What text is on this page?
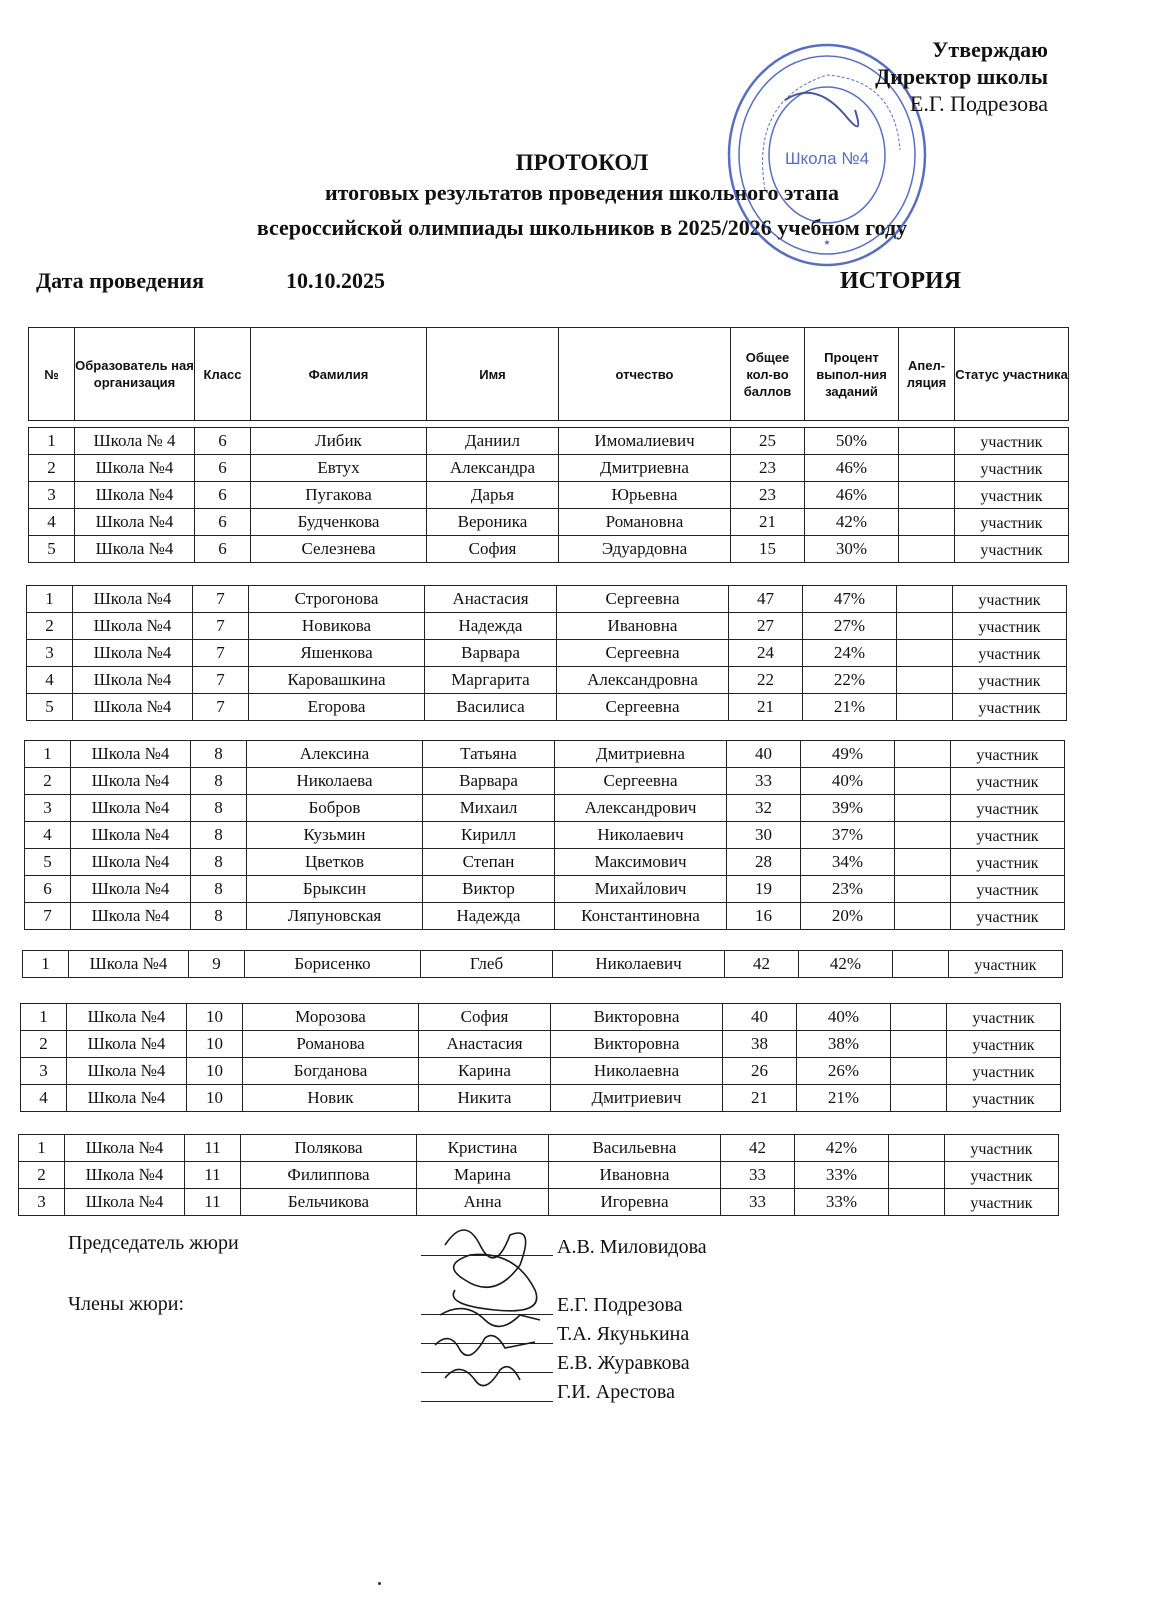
Утверждаю
Директор школы
Е.Г. Подрезова
Школа №4
★
ПРОТОКОЛ
итоговых результатов проведения школьного этапа
всероссийской олимпиады школьников в 2025/2026 учебном году
Дата проведения	10.10.2025	ИСТОРИЯ
№	Образователь ная организация	Класс	Фамилия	Имя	отчество	Общее кол-во баллов	Процент выпол-ния заданий	Апел- ляция	Статус участника
1	Школа № 4	6	Либик	Даниил	Имомалиевич	25	50%		участник
2	Школа №4	6	Евтух	Александра	Дмитриевна	23	46%		участник
3	Школа №4	6	Пугакова	Дарья	Юрьевна	23	46%		участник
4	Школа №4	6	Будченкова	Вероника	Романовна	21	42%		участник
5	Школа №4	6	Селезнева	София	Эдуардовна	15	30%		участник
1	Школа №4	7	Строгонова	Анастасия	Сергеевна	47	47%		участник
2	Школа №4	7	Новикова	Надежда	Ивановна	27	27%		участник
3	Школа №4	7	Яшенкова	Варвара	Сергеевна	24	24%		участник
4	Школа №4	7	Каровашкина	Маргарита	Александровна	22	22%		участник
5	Школа №4	7	Егорова	Василиса	Сергеевна	21	21%		участник
1	Школа №4	8	Алексина	Татьяна	Дмитриевна	40	49%		участник
2	Школа №4	8	Николаева	Варвара	Сергеевна	33	40%		участник
3	Школа №4	8	Бобров	Михаил	Александрович	32	39%		участник
4	Школа №4	8	Кузьмин	Кирилл	Николаевич	30	37%		участник
5	Школа №4	8	Цветков	Степан	Максимович	28	34%		участник
6	Школа №4	8	Брыксин	Виктор	Михайлович	19	23%		участник
7	Школа №4	8	Ляпуновская	Надежда	Константиновна	16	20%		участник
1	Школа №4	9	Борисенко	Глеб	Николаевич	42	42%		участник
1	Школа №4	10	Морозова	София	Викторовна	40	40%		участник
2	Школа №4	10	Романова	Анастасия	Викторовна	38	38%		участник
3	Школа №4	10	Богданова	Карина	Николаевна	26	26%		участник
4	Школа №4	10	Новик	Никита	Дмитриевич	21	21%		участник
1	Школа №4	11	Полякова	Кристина	Васильевна	42	42%		участник
2	Школа №4	11	Филиппова	Марина	Ивановна	33	33%		участник
3	Школа №4	11	Бельчикова	Анна	Игоревна	33	33%		участник
Председатель жюри	А.В. Миловидова
Члены жюри:	Е.Г. Подрезова
Т.А. Якунькина
Е.В. Журавкова
Г.И. Арестова
